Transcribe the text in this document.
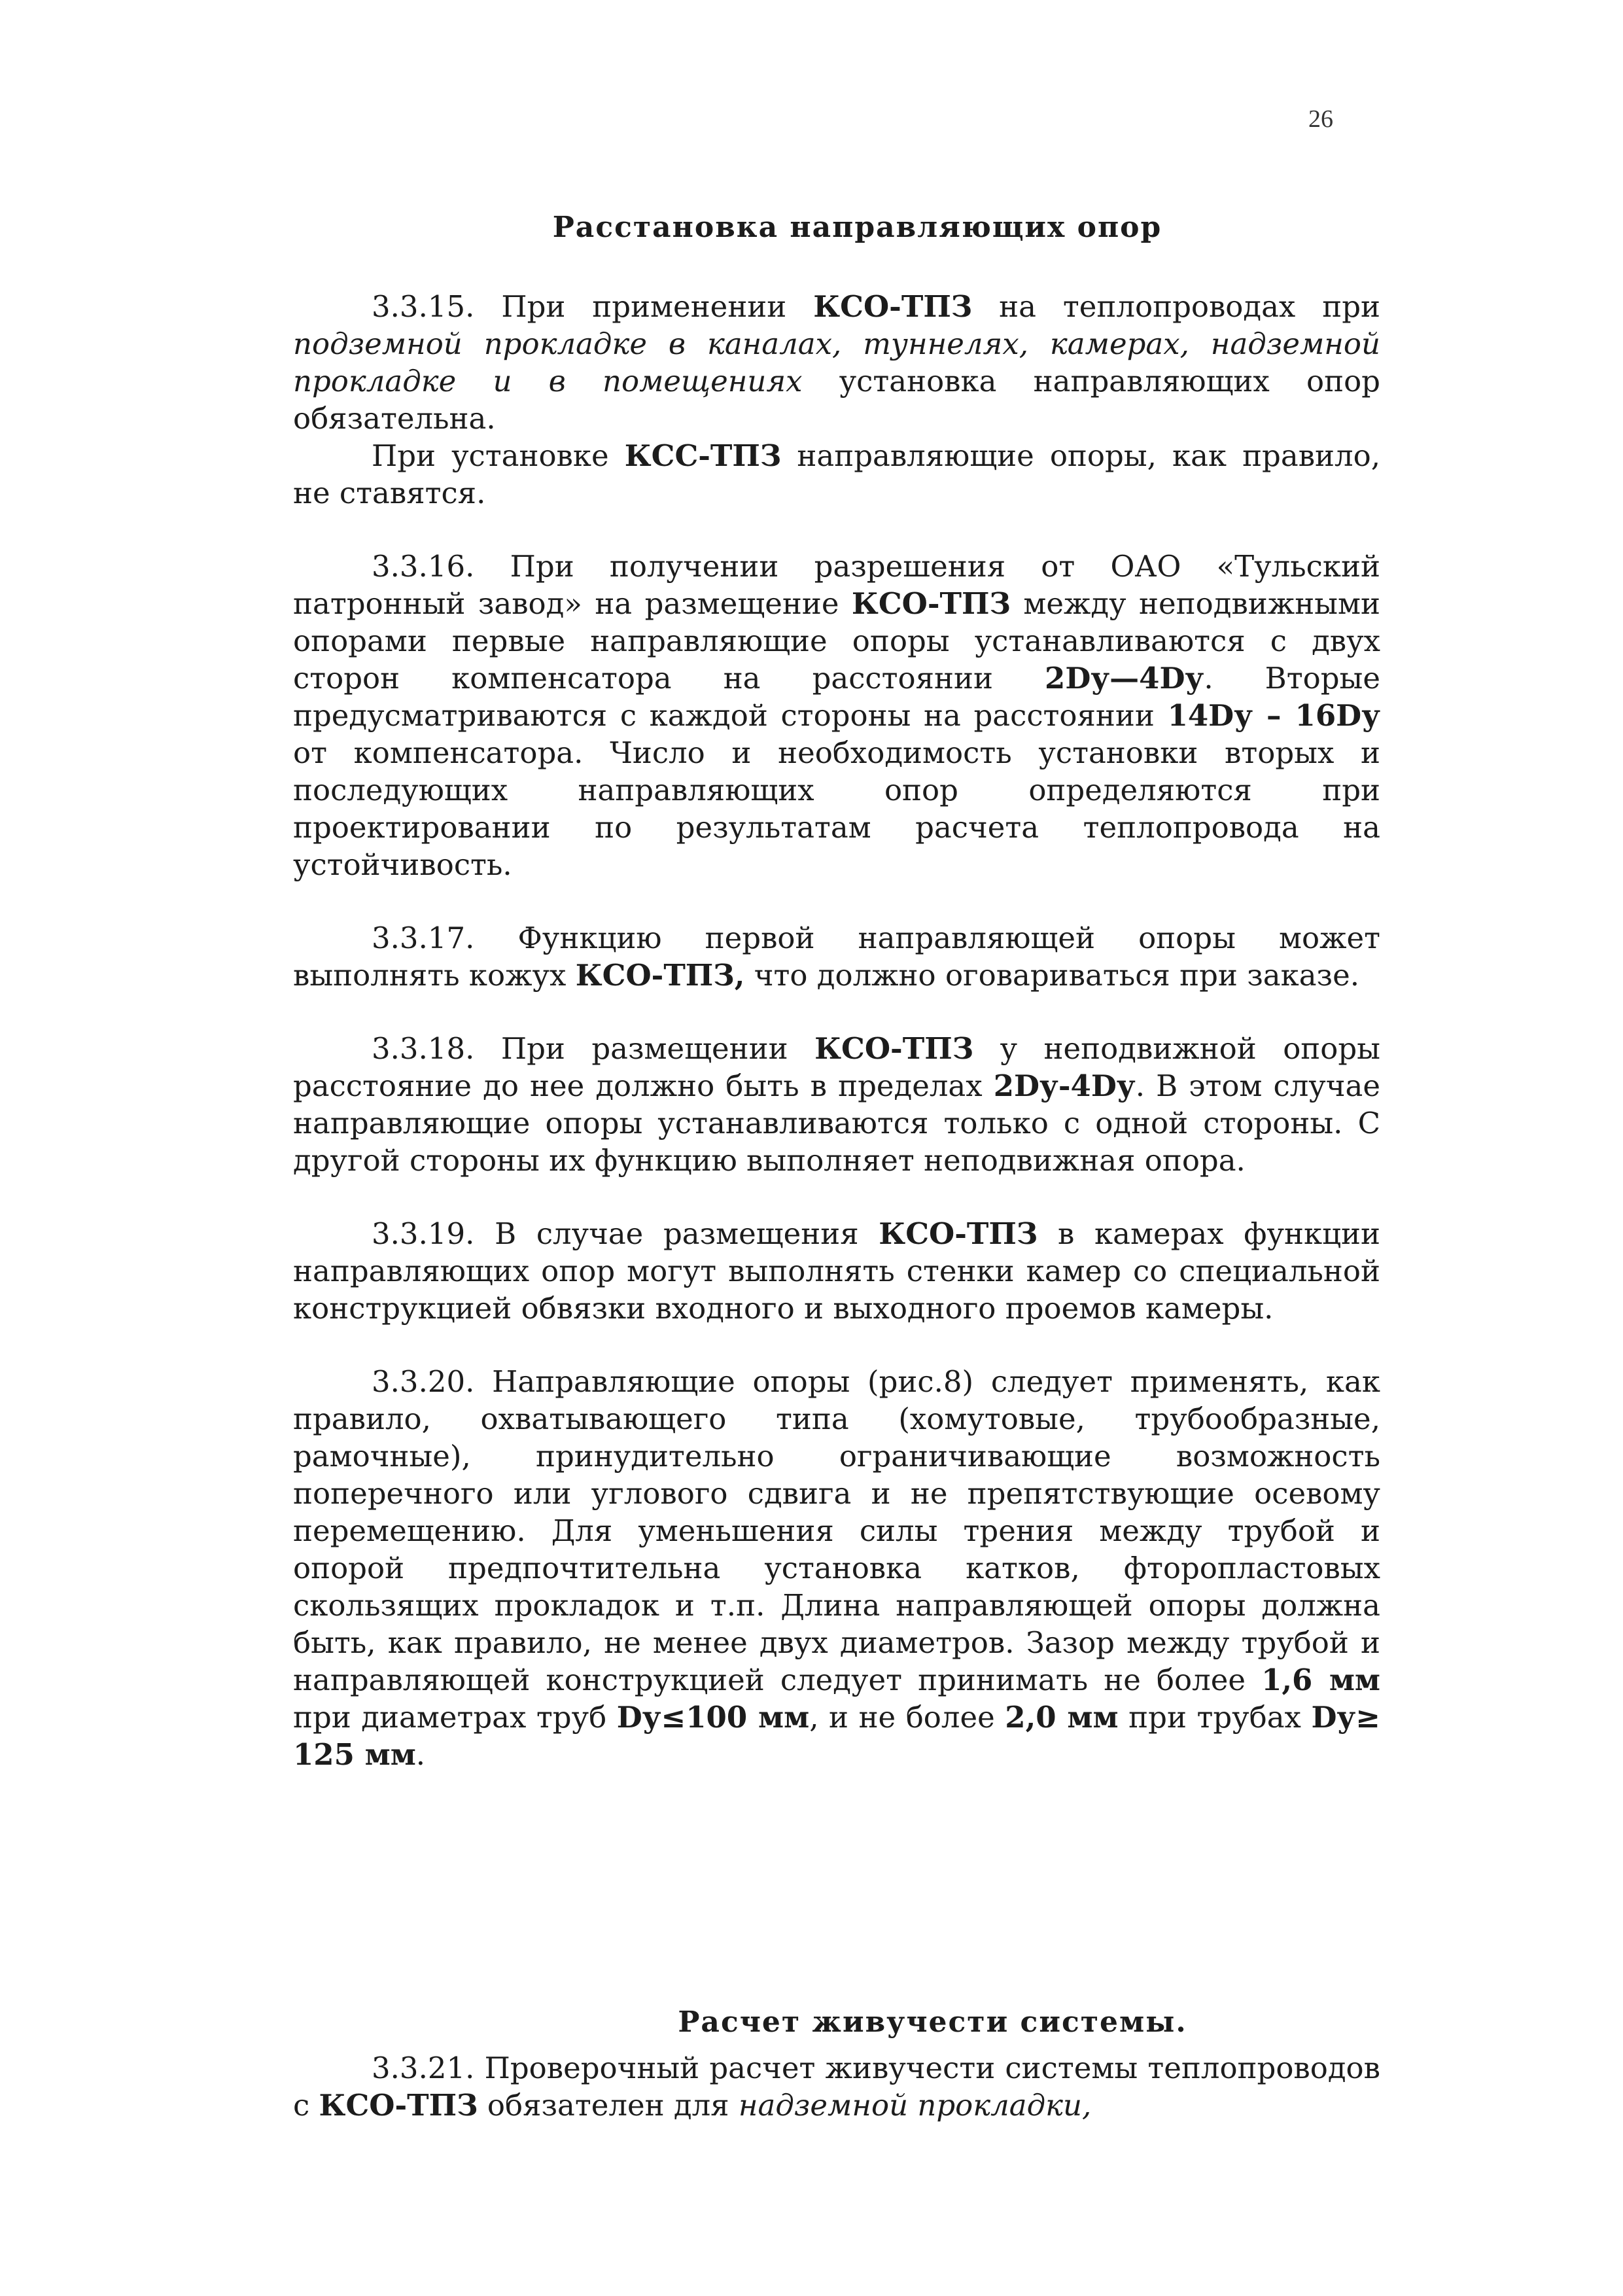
26
Расстановка направляющих опор

3.3.15. При применении КСО-ТПЗ на теплопроводах при подземной прокладке в каналах, туннелях, камерах, надземной прокладке и в помещениях установка направляющих опор обязательна.

При установке КСС-ТПЗ направляющие опоры, как правило, не ставятся.

3.3.16. При получении разрешения от ОАО «Тульский патронный завод» на размещение КСО-ТПЗ между неподвижными опорами первые направляющие опоры устанавливаются с двух сторон компенсатора на расстоянии 2Dу—4Dу. Вторые предусматриваются с каждой стороны на расстоянии 14Dу – 16Dу от компенсатора. Число и необходимость установки вторых и последующих направляющих опор определяются при проектировании по результатам расчета теплопровода на устойчивость.

3.3.17. Функцию первой направляющей опоры может выполнять кожух КСО-ТПЗ, что должно оговариваться при заказе.

3.3.18. При размещении КСО-ТПЗ у неподвижной опоры расстояние до нее должно быть в пределах 2Dу-4Dу. В этом случае направляющие опоры устанавливаются только с одной стороны. С другой стороны их функцию выполняет неподвижная опора.

3.3.19. В случае размещения КСО-ТПЗ в камерах функции направляющих опор могут выполнять стенки камер со специальной конструкцией обвязки входного и выходного проемов камеры.

3.3.20. Направляющие опоры (рис.8) следует применять, как правило, охватывающего типа (хомутовые, трубообразные, рамочные), принудительно ограничивающие возможность поперечного или углового сдвига и не препятствующие осевому перемещению. Для уменьшения силы трения между трубой и опорой предпочтительна установка катков, фторопластовых скользящих прокладок и т.п. Длина направляющей опоры должна быть, как правило, не менее двух диаметров. Зазор между трубой и направляющей конструкцией следует принимать не более 1,6 мм при диаметрах труб Dу≤100 мм, и не более 2,0 мм при трубах Dу≥ 125 мм.

Расчет живучести системы.

3.3.21. Проверочный расчет живучести системы теплопроводов с КСО-ТПЗ обязателен для надземной прокладки,
